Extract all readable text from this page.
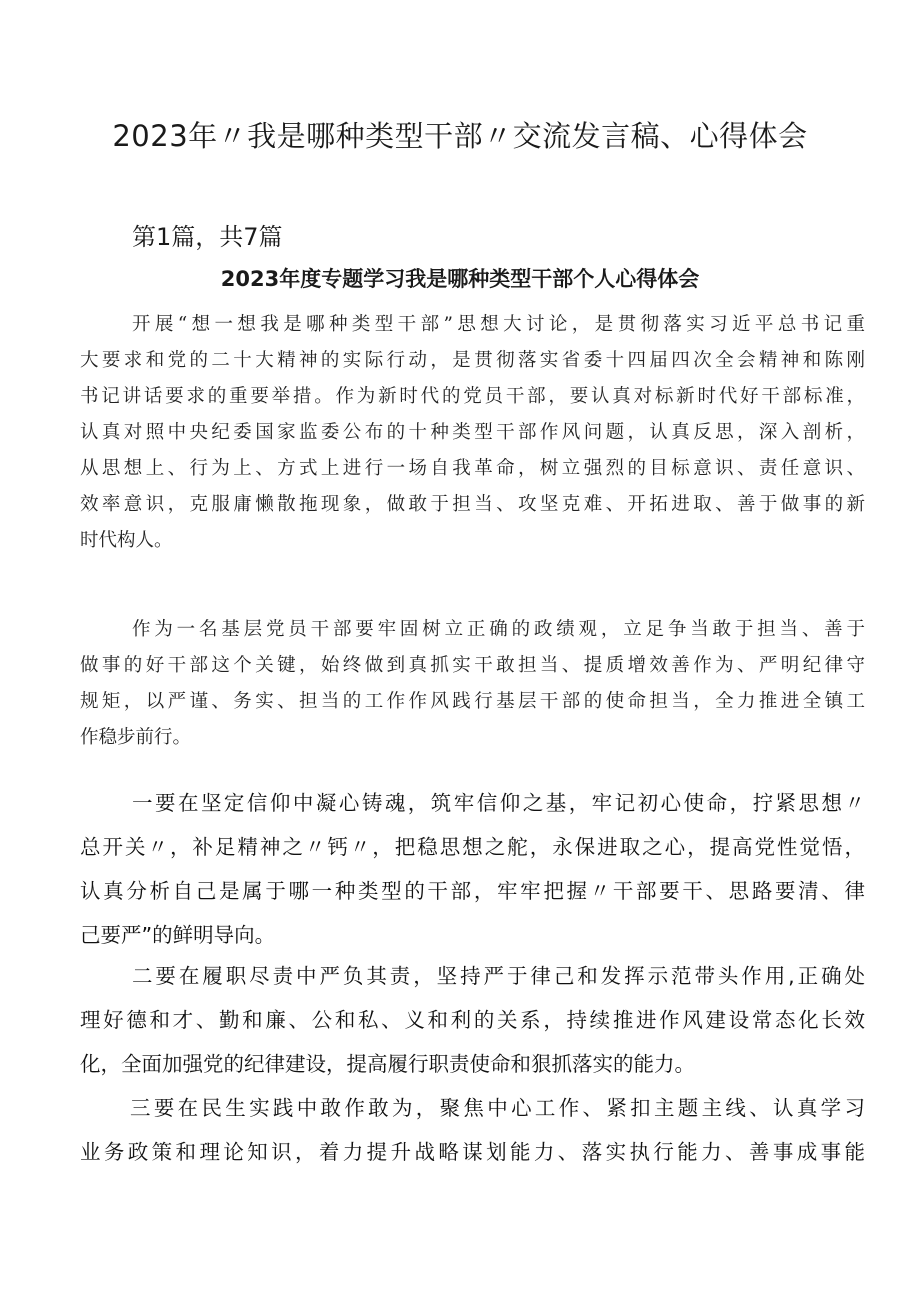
2023年〃我是哪种类型干部〃交流发言稿、心得体会

第1篇，共7篇

2023年度专题学习我是哪种类型干部个人心得体会
开展“想一想我是哪种类型干部”思想大讨论，是贯彻落实习近平总书记重
大要求和党的二十大精神的实际行动，是贯彻落实省委十四届四次全会精神和陈刚
书记讲话要求的重要举措。作为新时代的党员干部，要认真对标新时代好干部标准，
认真对照中央纪委国家监委公布的十种类型干部作风问题，认真反思，深入剖析，
从思想上、行为上、方式上进行一场自我革命，树立强烈的目标意识、责任意识、
效率意识，克服庸懒散拖现象，做敢于担当、攻坚克难、开拓进取、善于做事的新
时代构人。
作为一名基层党员干部要牢固树立正确的政绩观，立足争当敢于担当、善于
做事的好干部这个关键，始终做到真抓实干敢担当、提质增效善作为、严明纪律守
规矩，以严谨、务实、担当的工作作风践行基层干部的使命担当，全力推进全镇工
作稳步前行。
一要在坚定信仰中凝心铸魂，筑牢信仰之基，牢记初心使命，拧紧思想〃
总开关〃，补足精神之〃钙〃，把稳思想之舵，永保进取之心，提高党性觉悟，
认真分析自己是属于哪一种类型的干部，牢牢把握〃干部要干、思路要清、律
己要严”的鲜明导向。
二要在履职尽责中严负其责，坚持严于律己和发挥示范带头作用,正确处
理好德和才、勤和廉、公和私、义和利的关系，持续推进作风建设常态化长效
化，全面加强党的纪律建设，提高履行职责使命和狠抓落实的能力。
三要在民生实践中敢作敢为，聚焦中心工作、紧扣主题主线、认真学习
业务政策和理论知识，着力提升战略谋划能力、落实执行能力、善事成事能
